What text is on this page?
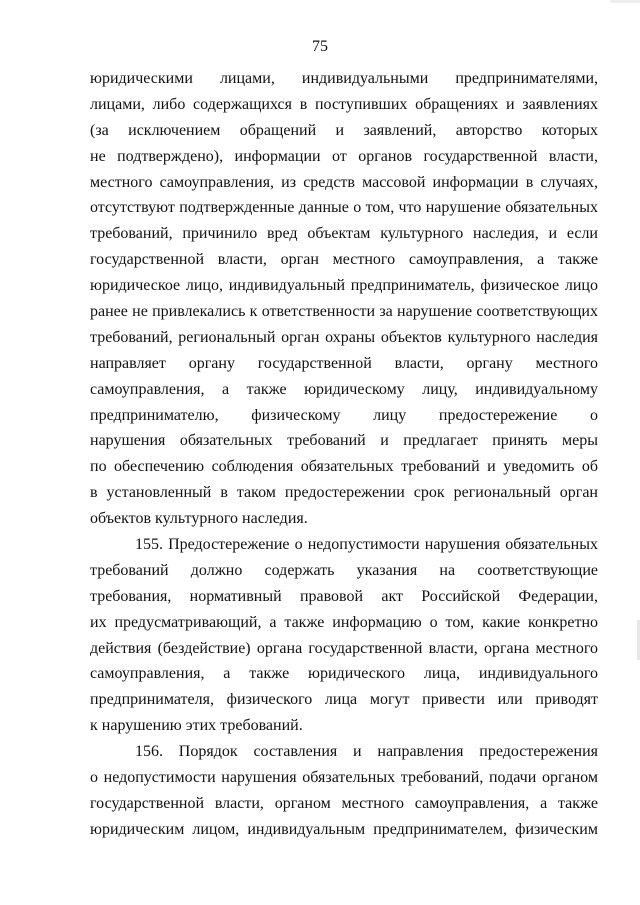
75

юридическими лицами, индивидуальными предпринимателями,
лицами, либо содержащихся в поступивших обращениях и заявлениях
(за исключением обращений и заявлений, авторство которых
не подтверждено), информации от органов государственной власти,
местного самоуправления, из средств массовой информации в случаях,
отсутствуют подтвержденные данные о том, что нарушение обязательных
требований, причинило вред объектам культурного наследия, и если
государственной власти, орган местного самоуправления, а также
юридическое лицо, индивидуальный предприниматель, физическое лицо
ранее не привлекались к ответственности за нарушение соответствующих
требований, региональный орган охраны объектов культурного наследия
направляет органу государственной власти, органу местного
самоуправления, а также юридическому лицу, индивидуальному
предпринимателю, физическому лицу предостережение о
нарушения обязательных требований и предлагает принять меры
по обеспечению соблюдения обязательных требований и уведомить об
в установленный в таком предостережении срок региональный орган
объектов культурного наследия.

155. Предостережение о недопустимости нарушения обязательных
требований должно содержать указания на соответствующие
требования, нормативный правовой акт Российской Федерации,
их предусматривающий, а также информацию о том, какие конкретно
действия (бездействие) органа государственной власти, органа местного
самоуправления, а также юридического лица, индивидуального
предпринимателя, физического лица могут привести или приводят
к нарушению этих требований.

156. Порядок составления и направления предостережения
о недопустимости нарушения обязательных требований, подачи органом
государственной власти, органом местного самоуправления, а также
юридическим лицом, индивидуальным предпринимателем, физическим
